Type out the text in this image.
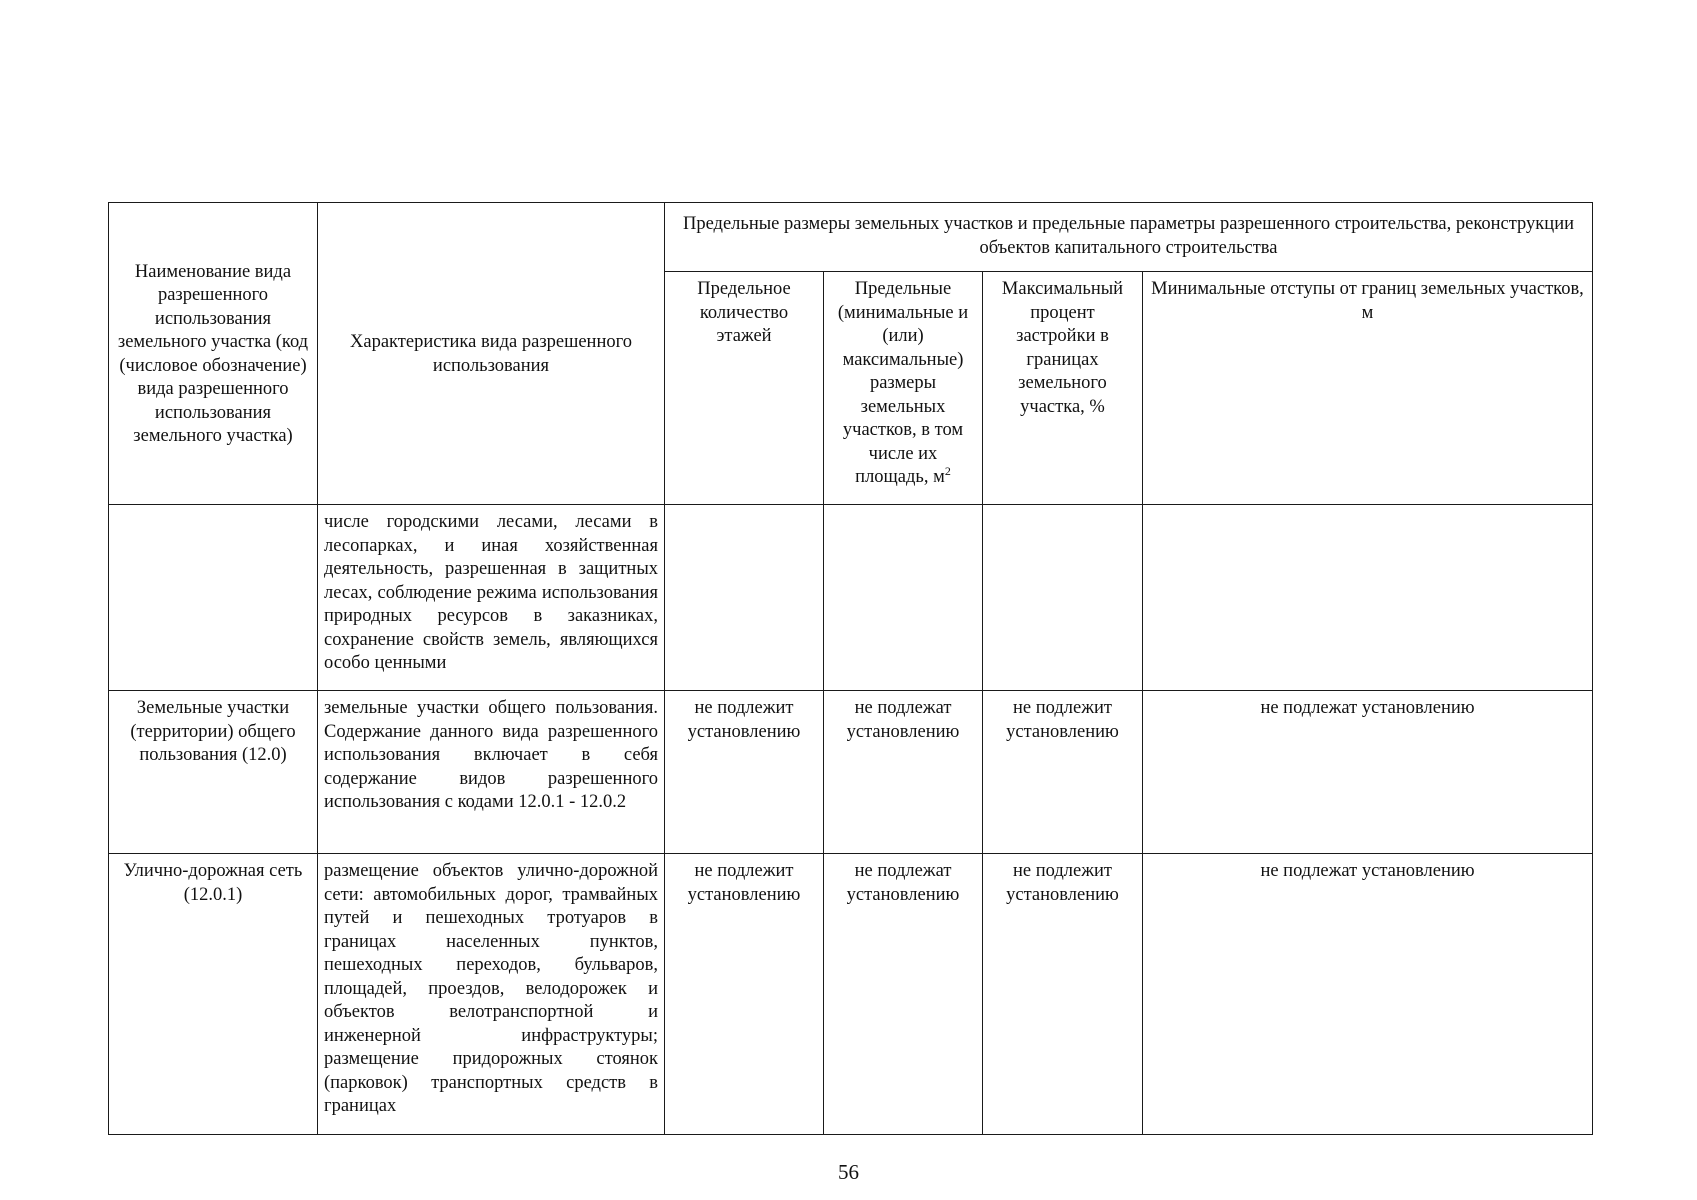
Наименование вида разрешенного использования земельного участка (код (числовое обозначение) вида разрешенного использования земельного участка)	Характеристика вида разрешенного использования	Предельные размеры земельных участков и предельные параметры разрешенного строительства, реконструкции объектов капитального строительства			
		Предельное количество этажей	Предельные (минимальные и (или) максимальные) размеры земельных участков, в том числе их площадь, $м^2$	Максимальный процент застройки в границах земельного участка, %	Минимальные отступы от границ земельных участков, м
	числе городскими лесами, лесами в лесопарках, и иная хозяйственная деятельность, разрешенная в защитных лесах, соблюдение режима использования природных ресурсов в заказниках, сохранение свойств земель, являющихся особо ценными				
Земельные участки (территории) общего пользования (12.0)	земельные участки общего пользования. Содержание данного вида разрешенного использования включает в себя содержание видов разрешенного использования с кодами 12.0.1 - 12.0.2	не подлежит установлению	не подлежат установлению	не подлежит установлению	не подлежат установлению
Улично-дорожная сеть (12.0.1)	размещение объектов улично-дорожной сети: автомобильных дорог, трамвайных путей и пешеходных тротуаров в границах населенных пунктов, пешеходных переходов, бульваров, площадей, проездов, велодорожек и объектов велотранспортной и инженерной инфраструктуры; размещение придорожных стоянок (парковок) транспортных средств в границах	не подлежит установлению	не подлежат установлению	не подлежит установлению	не подлежат установлению
56
